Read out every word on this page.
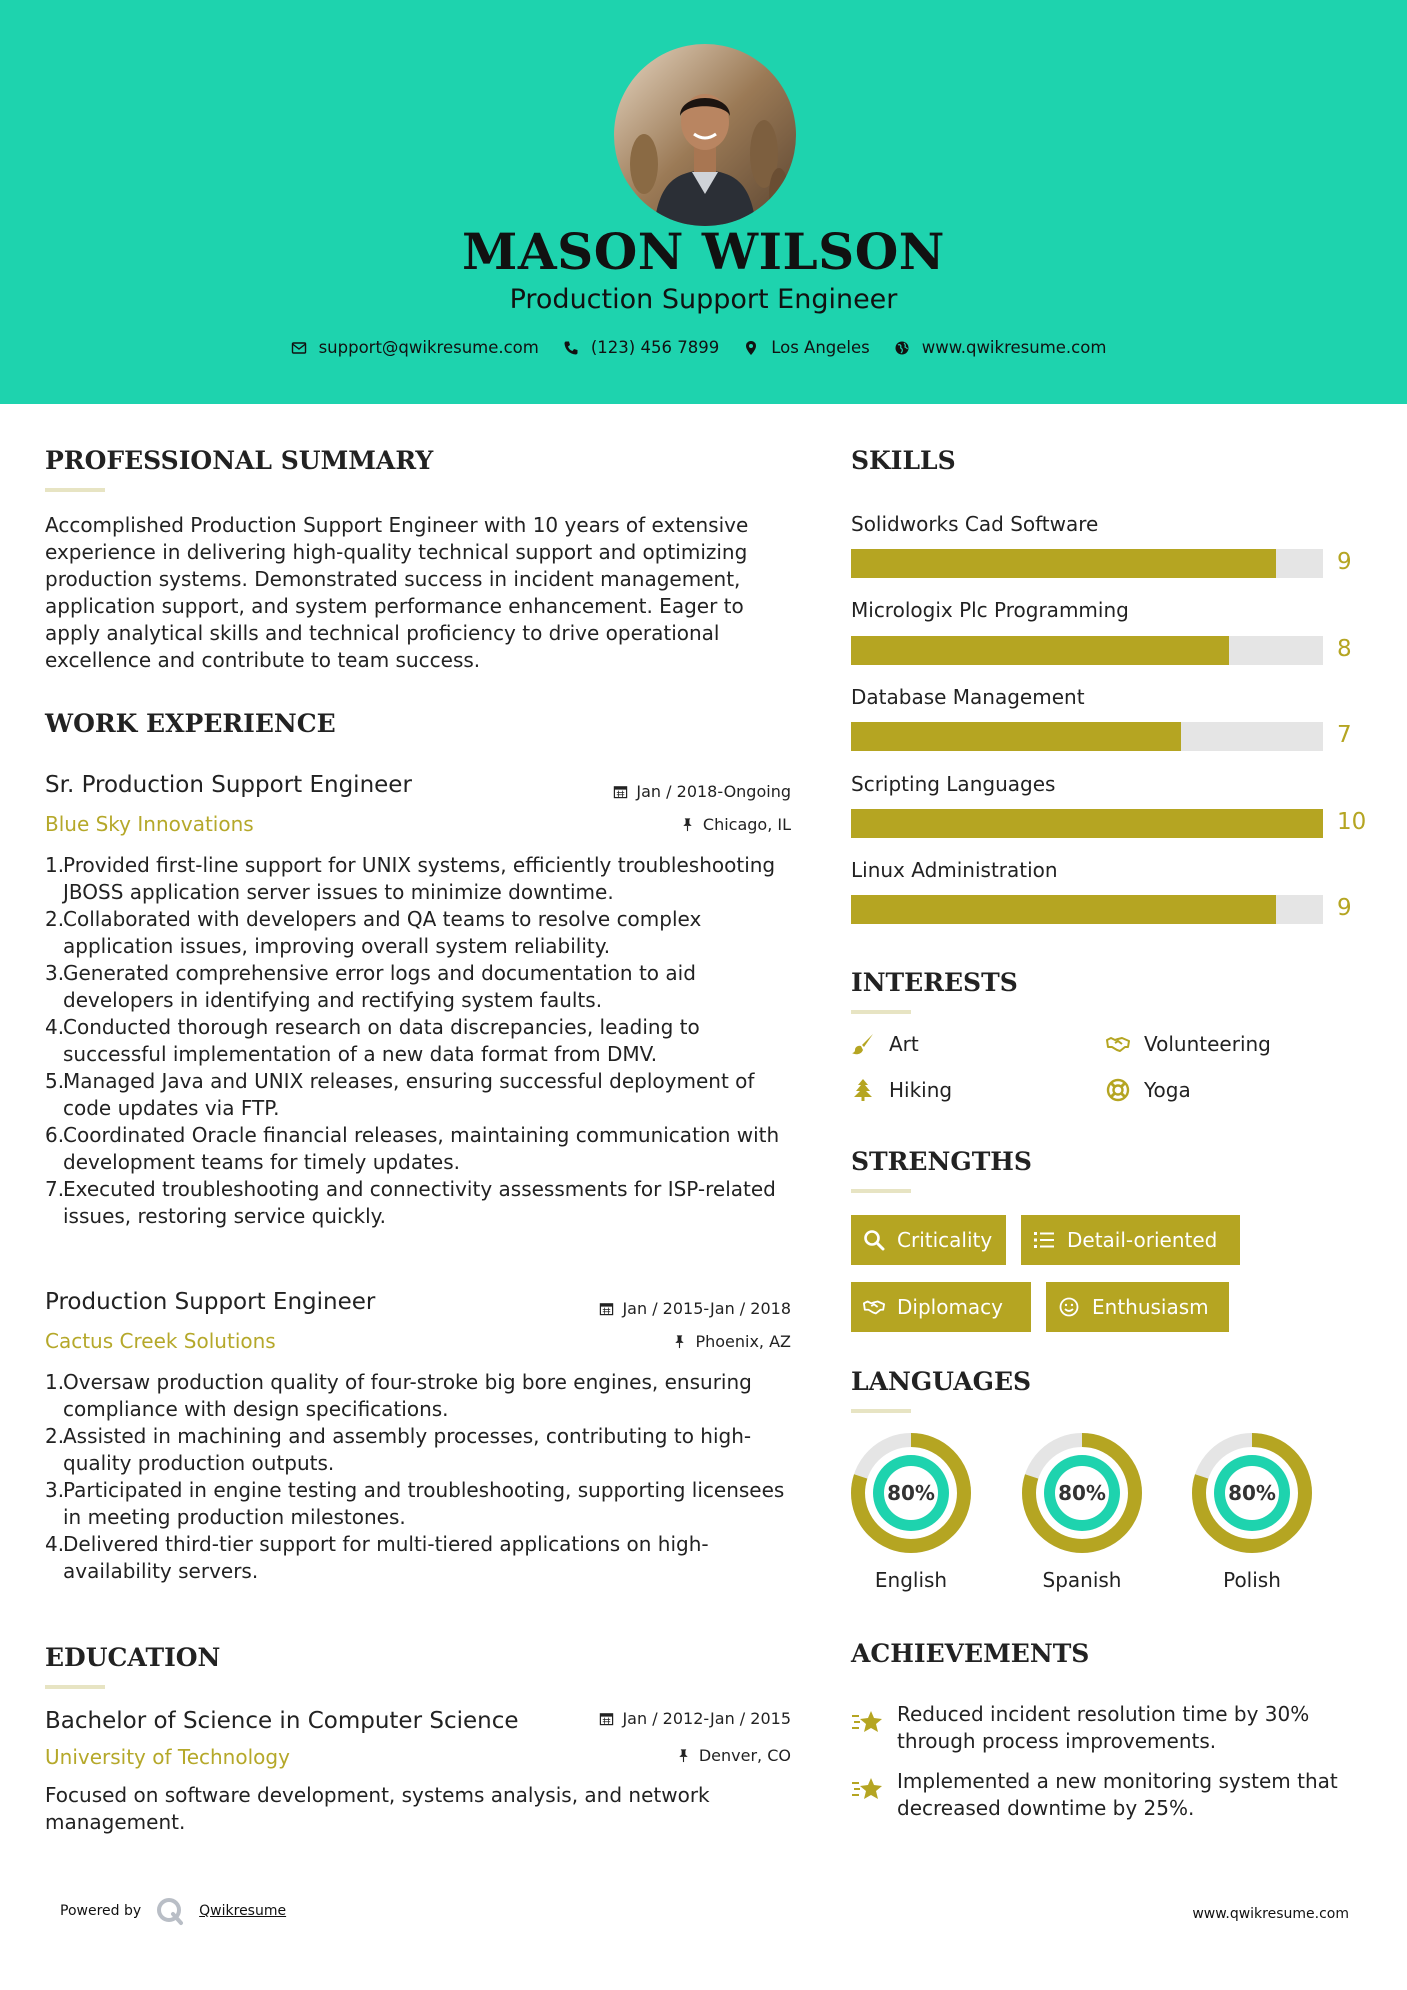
MASON WILSON
Production Support Engineer
support@qwikresume.com	(123) 456 7899	Los Angeles	www.qwikresume.com
PROFESSIONAL SUMMARY
Accomplished Production Support Engineer with 10 years of extensive experience in delivering high-quality technical support and optimizing production systems. Demonstrated success in incident management, application support, and system performance enhancement. Eager to apply analytical skills and technical proficiency to drive operational excellence and contribute to team success.
WORK EXPERIENCE
Sr. Production Support Engineer	Jan / 2018-Ongoing
Blue Sky Innovations	Chicago, IL
1.
Provided first-line support for UNIX systems, efficiently troubleshooting JBOSS application server issues to minimize downtime.
2.
Collaborated with developers and QA teams to resolve complex application issues, improving overall system reliability.
3.
Generated comprehensive error logs and documentation to aid developers in identifying and rectifying system faults.
4.
Conducted thorough research on data discrepancies, leading to successful implementation of a new data format from DMV.
5.
Managed Java and UNIX releases, ensuring successful deployment of code updates via FTP.
6.
Coordinated Oracle financial releases, maintaining communication with development teams for timely updates.
7.
Executed troubleshooting and connectivity assessments for ISP-related issues, restoring service quickly.
Production Support Engineer	Jan / 2015-Jan / 2018
Cactus Creek Solutions	Phoenix, AZ
1.
Oversaw production quality of four-stroke big bore engines, ensuring compliance with design specifications.
2.
Assisted in machining and assembly processes, contributing to high-quality production outputs.
3.
Participated in engine testing and troubleshooting, supporting licensees in meeting production milestones.
4.
Delivered third-tier support for multi-tiered applications on high-availability servers.
EDUCATION
Bachelor of Science in Computer Science	Jan / 2012-Jan / 2015
University of Technology	Denver, CO
Focused on software development, systems analysis, and network management.
SKILLS
Solidworks Cad Software
9
Micrologix Plc Programming
8
Database Management
7
Scripting Languages
10
Linux Administration
9
INTERESTS
Art	Volunteering
Hiking	Yoga
STRENGTHS
Criticality	Detail-oriented
Diplomacy	Enthusiasm
LANGUAGES
80%
English
80%
Spanish
80%
Polish
ACHIEVEMENTS
Reduced incident resolution time by 30% through process improvements.
Implemented a new monitoring system that decreased downtime by 25%.
Powered by	Qwikresume	www.qwikresume.com
